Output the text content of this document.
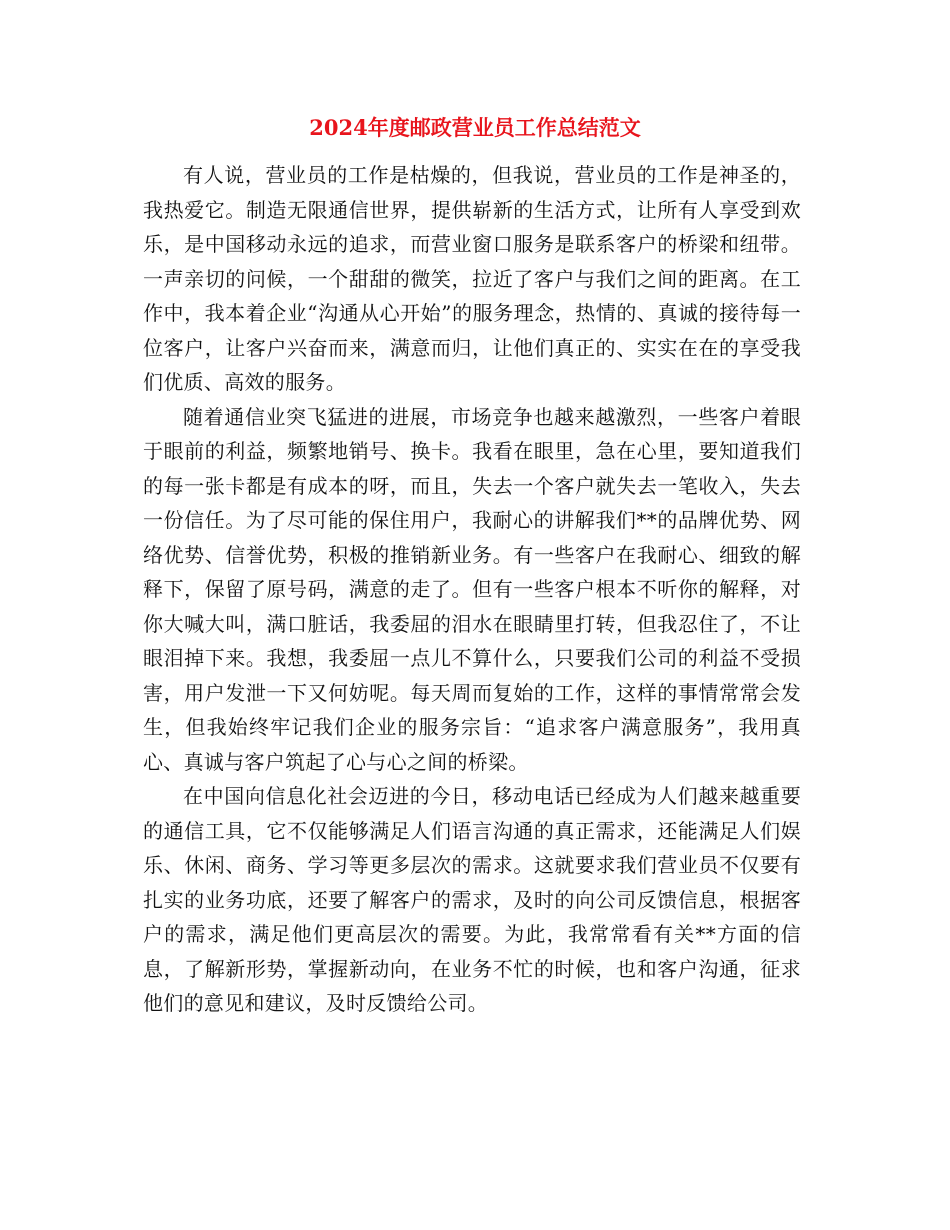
2024年度邮政营业员工作总结范文

有人说，营业员的工作是枯燥的，但我说，营业员的工作是神圣的，我热爱它。制造无限通信世界，提供崭新的生活方式，让所有人享受到欢乐，是中国移动永远的追求，而营业窗口服务是联系客户的桥梁和纽带。一声亲切的问候，一个甜甜的微笑，拉近了客户与我们之间的距离。在工作中，我本着企业“沟通从心开始”的服务理念，热情的、真诚的接待每一位客户，让客户兴奋而来，满意而归，让他们真正的、实实在在的享受我们优质、高效的服务。

随着通信业突飞猛进的进展，市场竞争也越来越激烈，一些客户着眼于眼前的利益，频繁地销号、换卡。我看在眼里，急在心里，要知道我们的每一张卡都是有成本的呀，而且，失去一个客户就失去一笔收入，失去一份信任。为了尽可能的保住用户，我耐心的讲解我们**的品牌优势、网络优势、信誉优势，积极的推销新业务。有一些客户在我耐心、细致的解释下，保留了原号码，满意的走了。但有一些客户根本不听你的解释，对你大喊大叫，满口脏话，我委屈的泪水在眼睛里打转，但我忍住了，不让眼泪掉下来。我想，我委屈一点儿不算什么，只要我们公司的利益不受损害，用户发泄一下又何妨呢。每天周而复始的工作，这样的事情常常会发生，但我始终牢记我们企业的服务宗旨：“追求客户满意服务”，我用真心、真诚与客户筑起了心与心之间的桥梁。

在中国向信息化社会迈进的今日，移动电话已经成为人们越来越重要的通信工具，它不仅能够满足人们语言沟通的真正需求，还能满足人们娱乐、休闲、商务、学习等更多层次的需求。这就要求我们营业员不仅要有扎实的业务功底，还要了解客户的需求，及时的向公司反馈信息，根据客户的需求，满足他们更高层次的需要。为此，我常常看有关**方面的信息，了解新形势，掌握新动向，在业务不忙的时候，也和客户沟通，征求他们的意见和建议，及时反馈给公司。
